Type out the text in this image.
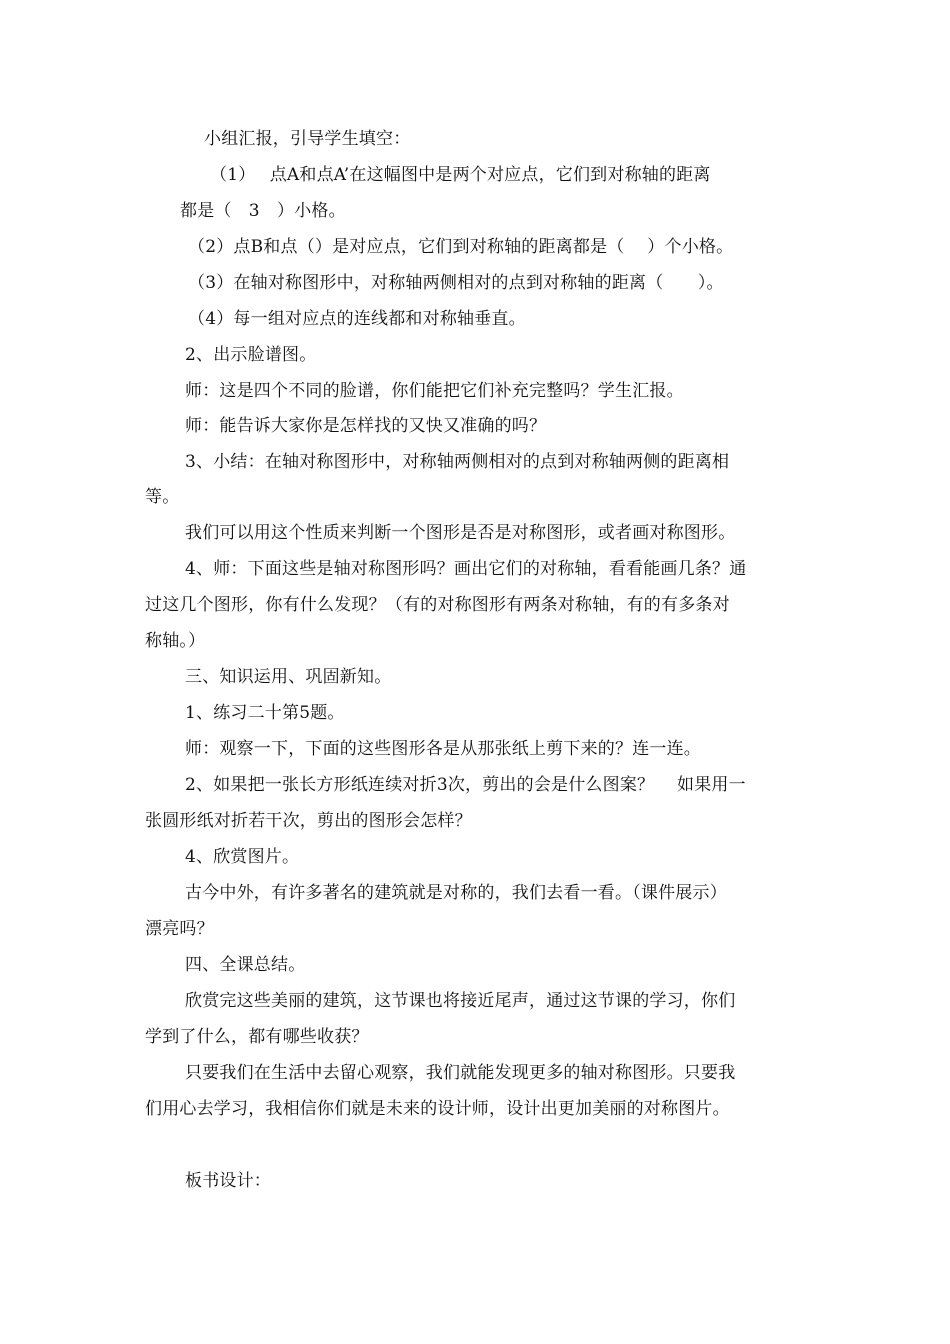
小组汇报，引导学生填空：
（1）　 点A和点A’在这幅图中是两个对应点，它们到对称轴的距离
都是（　3　）小格。
（2）点B和点（）是对应点，它们到对称轴的距离都是（　 ）个小格。
（3）在轴对称图形中，对称轴两侧相对的点到对称轴的距离（　　）。
（4）每一组对应点的连线都和对称轴垂直。
2、出示脸谱图。
师：这是四个不同的脸谱，你们能把它们补充完整吗？学生汇报。
师：能告诉大家你是怎样找的又快又准确的吗？
3、小结：在轴对称图形中，对称轴两侧相对的点到对称轴两侧的距离相
等。
我们可以用这个性质来判断一个图形是否是对称图形，或者画对称图形。
4、师：下面这些是轴对称图形吗？画出它们的对称轴，看看能画几条？通
过这几个图形，你有什么发现？（有的对称图形有两条对称轴，有的有多条对
称轴。）
三、知识运用、巩固新知。
1、练习二十第5题。
师：观察一下，下面的这些图形各是从那张纸上剪下来的？连一连。
2、如果把一张长方形纸连续对折3次，剪出的会是什么图案？　 如果用一
张圆形纸对折若干次，剪出的图形会怎样？
4、欣赏图片。
古今中外，有许多著名的建筑就是对称的，我们去看一看。（课件展示）
漂亮吗？
四、全课总结。
欣赏完这些美丽的建筑，这节课也将接近尾声，通过这节课的学习，你们
学到了什么，都有哪些收获？
只要我们在生活中去留心观察，我们就能发现更多的轴对称图形。只要我
们用心去学习，我相信你们就是未来的设计师，设计出更加美丽的对称图片。
板书设计：
